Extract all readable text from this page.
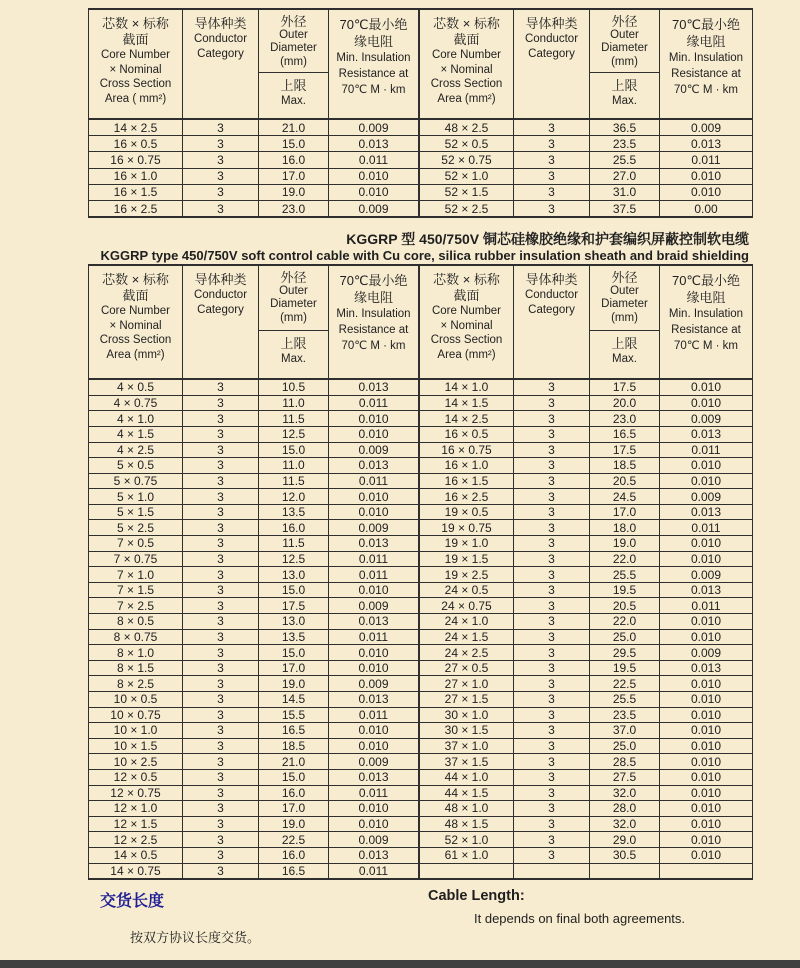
芯数 × 标称
截面
Core Number
× Nominal
Cross Section
Area ( mm²)
导体种类
Conductor
Category
外径
Outer
Diameter
(mm)
上限
Max.
70℃最小绝
缘电阻
Min. Insulation
Resistance at
70℃ M · km
芯数 × 标称
截面
Core Number
× Nominal
Cross Section
Area (mm²)
导体种类
Conductor
Category
外径
Outer
Diameter
(mm)
上限
Max.
70℃最小绝
缘电阻
Min. Insulation
Resistance at
70℃ M · km
14 × 2.5	3	21.0	0.009	48 × 2.5	3	36.5	0.009
16 × 0.5	3	15.0	0.013	52 × 0.5	3	23.5	0.013
16 × 0.75	3	16.0	0.011	52 × 0.75	3	25.5	0.011
16 × 1.0	3	17.0	0.010	52 × 1.0	3	27.0	0.010
16 × 1.5	3	19.0	0.010	52 × 1.5	3	31.0	0.010
16 × 2.5	3	23.0	0.009	52 × 2.5	3	37.5	0.00
KGGRP 型 450/750V 铜芯硅橡胶绝缘和护套编织屏蔽控制软电缆
KGGRP type 450/750V soft control cable with Cu core, silica rubber insulation sheath and braid shielding
芯数 × 标称
截面
Core Number
× Nominal
Cross Section
Area (mm²)
导体种类
Conductor
Category
外径
Outer
Diameter
(mm)
上限
Max.
70℃最小绝
缘电阻
Min. Insulation
Resistance at
70℃ M · km
芯数 × 标称
截面
Core Number
× Nominal
Cross Section
Area (mm²)
导体种类
Conductor
Category
外径
Outer
Diameter
(mm)
上限
Max.
70℃最小绝
缘电阻
Min. Insulation
Resistance at
70℃ M · km
4 × 0.5	3	10.5	0.013	14 × 1.0	3	17.5	0.010
4 × 0.75	3	11.0	0.011	14 × 1.5	3	20.0	0.010
4 × 1.0	3	11.5	0.010	14 × 2.5	3	23.0	0.009
4 × 1.5	3	12.5	0.010	16 × 0.5	3	16.5	0.013
4 × 2.5	3	15.0	0.009	16 × 0.75	3	17.5	0.011
5 × 0.5	3	11.0	0.013	16 × 1.0	3	18.5	0.010
5 × 0.75	3	11.5	0.011	16 × 1.5	3	20.5	0.010
5 × 1.0	3	12.0	0.010	16 × 2.5	3	24.5	0.009
5 × 1.5	3	13.5	0.010	19 × 0.5	3	17.0	0.013
5 × 2.5	3	16.0	0.009	19 × 0.75	3	18.0	0.011
7 × 0.5	3	11.5	0.013	19 × 1.0	3	19.0	0.010
7 × 0.75	3	12.5	0.011	19 × 1.5	3	22.0	0.010
7 × 1.0	3	13.0	0.011	19 × 2.5	3	25.5	0.009
7 × 1.5	3	15.0	0.010	24 × 0.5	3	19.5	0.013
7 × 2.5	3	17.5	0.009	24 × 0.75	3	20.5	0.011
8 × 0.5	3	13.0	0.013	24 × 1.0	3	22.0	0.010
8 × 0.75	3	13.5	0.011	24 × 1.5	3	25.0	0.010
8 × 1.0	3	15.0	0.010	24 × 2.5	3	29.5	0.009
8 × 1.5	3	17.0	0.010	27 × 0.5	3	19.5	0.013
8 × 2.5	3	19.0	0.009	27 × 1.0	3	22.5	0.010
10 × 0.5	3	14.5	0.013	27 × 1.5	3	25.5	0.010
10 × 0.75	3	15.5	0.011	30 × 1.0	3	23.5	0.010
10 × 1.0	3	16.5	0.010	30 × 1.5	3	37.0	0.010
10 × 1.5	3	18.5	0.010	37 × 1.0	3	25.0	0.010
10 × 2.5	3	21.0	0.009	37 × 1.5	3	28.5	0.010
12 × 0.5	3	15.0	0.013	44 × 1.0	3	27.5	0.010
12 × 0.75	3	16.0	0.011	44 × 1.5	3	32.0	0.010
12 × 1.0	3	17.0	0.010	48 × 1.0	3	28.0	0.010
12 × 1.5	3	19.0	0.010	48 × 1.5	3	32.0	0.010
12 × 2.5	3	22.5	0.009	52 × 1.0	3	29.0	0.010
14 × 0.5	3	16.0	0.013	61 × 1.0	3	30.5	0.010
14 × 0.75	3	16.5	0.011
交货长度
按双方协议长度交货。
Cable Length:
It depends on final both agreements.
